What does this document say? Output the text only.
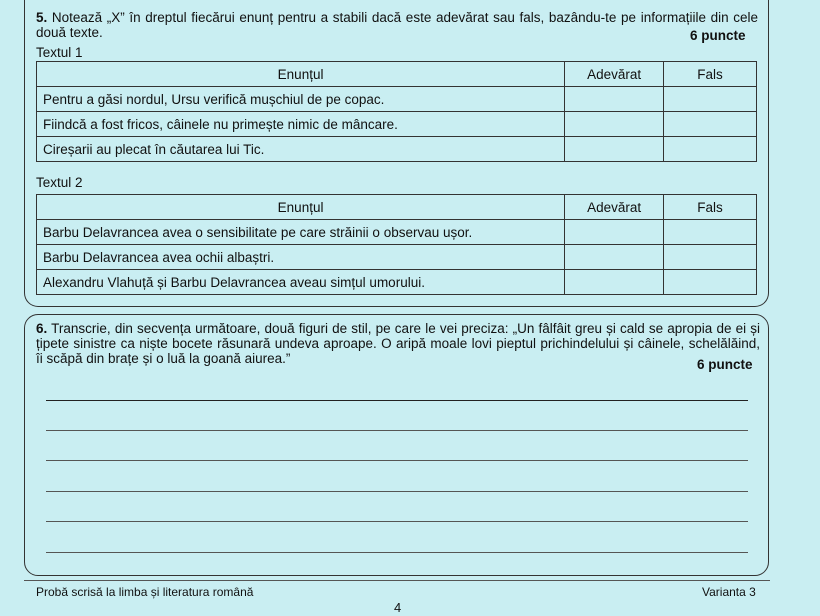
5. Notează „X” în dreptul fiecărui enunț pentru a stabili dacă este adevărat sau fals, bazându-te pe informațiile din cele două texte.	6 puncte
Textul 1
Enunțul	Adevărat	Fals
Pentru a găsi nordul, Ursu verifică mușchiul de pe copac.		
Fiindcă a fost fricos, câinele nu primește nimic de mâncare.		
Cireșarii au plecat în căutarea lui Tic.		
Textul 2
Enunțul	Adevărat	Fals
Barbu Delavrancea avea o sensibilitate pe care străinii o observau ușor.		
Barbu Delavrancea avea ochii albaștri.		
Alexandru Vlahuță și Barbu Delavrancea aveau simțul umorului.		
6. Transcrie, din secvența următoare, două figuri de stil, pe care le vei preciza: „Un fâlfâit greu și cald se apropia de ei și țipete sinistre ca niște bocete răsunară undeva aproape. O aripă moale lovi pieptul prichindelului și câinele, schelălăind, îi scăpă din brațe și o luă la goană aiurea.”	6 puncte
Probă scrisă la limba și literatura română	Varianta 3
4
